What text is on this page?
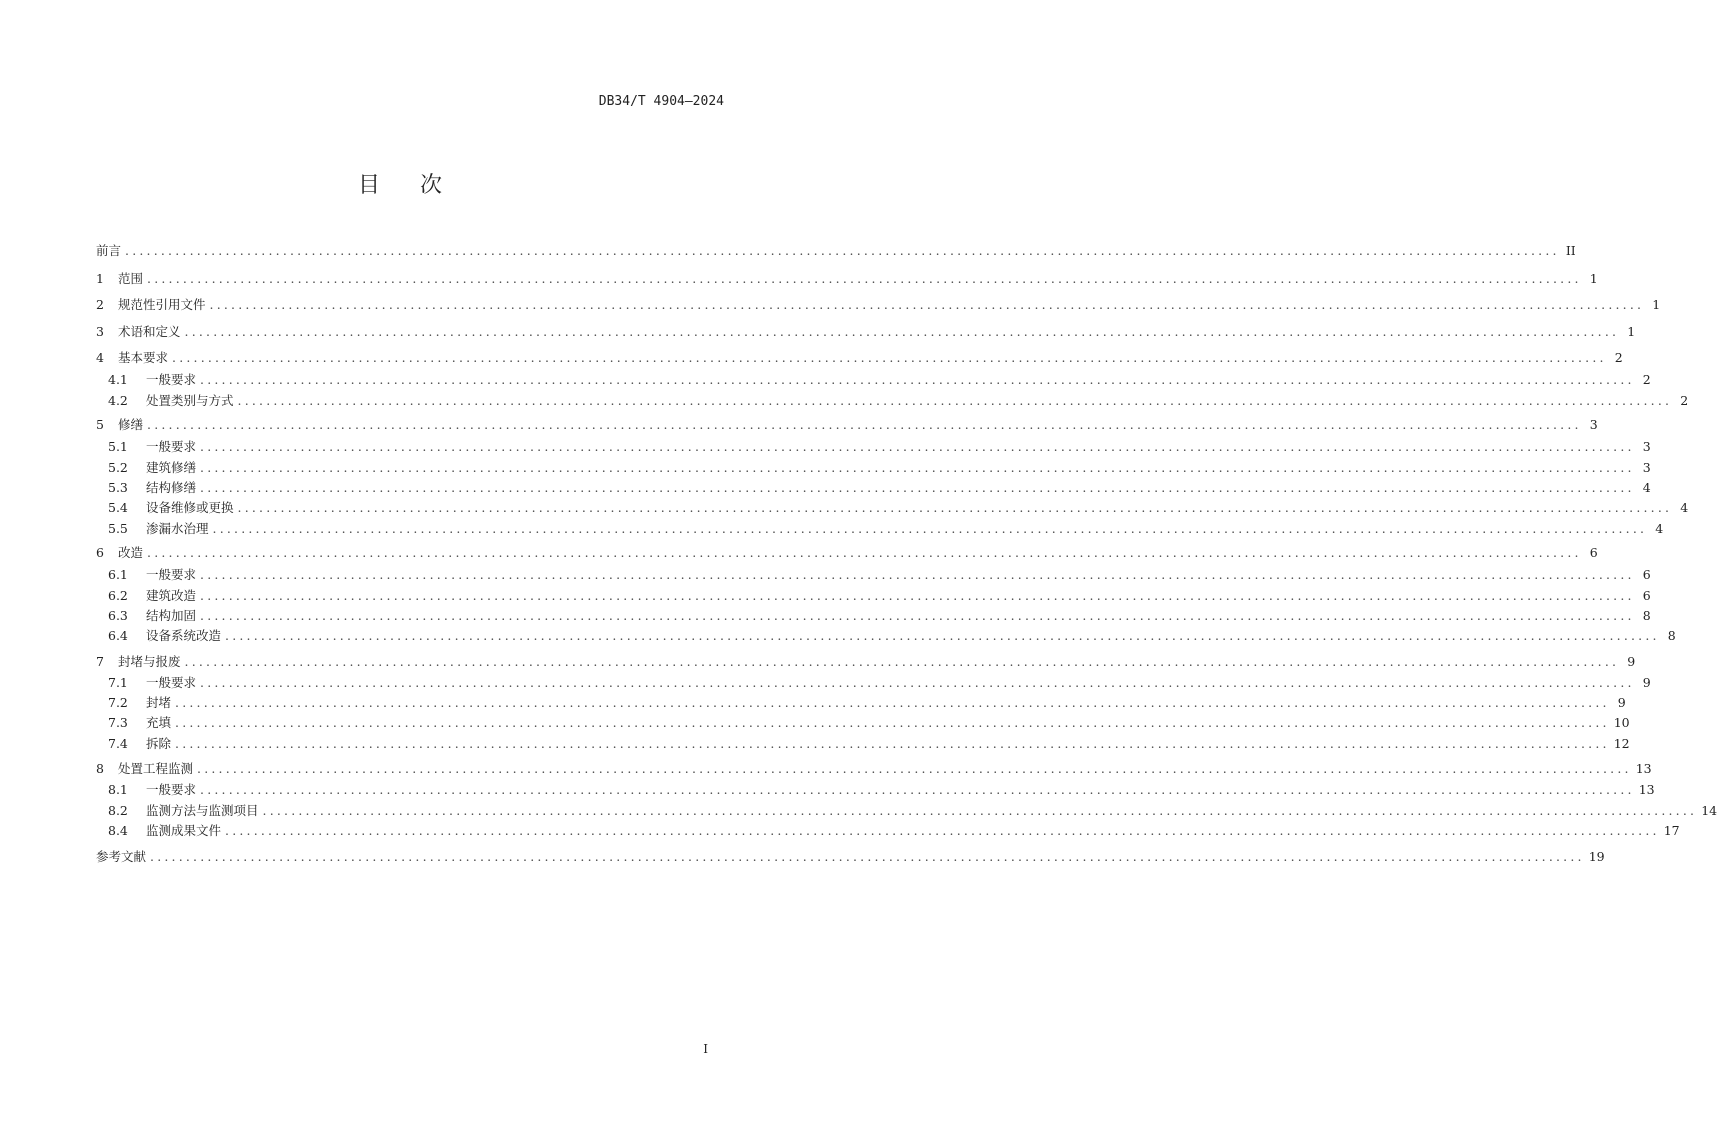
DB34/T 4904—2024
目次
前言 ........................................................................................................................................................................................................ II
1	范围 ........................................................................................................................................................................................................ 1
2	规范性引用文件 ........................................................................................................................................................................................................ 1
3	术语和定义 ........................................................................................................................................................................................................ 1
4	基本要求 ........................................................................................................................................................................................................ 2
4.1	一般要求 ........................................................................................................................................................................................................ 2
4.2	处置类别与方式 ........................................................................................................................................................................................................ 2
5	修缮 ........................................................................................................................................................................................................ 3
5.1	一般要求 ........................................................................................................................................................................................................ 3
5.2	建筑修缮 ........................................................................................................................................................................................................ 3
5.3	结构修缮 ........................................................................................................................................................................................................ 4
5.4	设备维修或更换 ........................................................................................................................................................................................................ 4
5.5	渗漏水治理 ........................................................................................................................................................................................................ 4
6	改造 ........................................................................................................................................................................................................ 6
6.1	一般要求 ........................................................................................................................................................................................................ 6
6.2	建筑改造 ........................................................................................................................................................................................................ 6
6.3	结构加固 ........................................................................................................................................................................................................ 8
6.4	设备系统改造 ........................................................................................................................................................................................................ 8
7	封堵与报废 ........................................................................................................................................................................................................ 9
7.1	一般要求 ........................................................................................................................................................................................................ 9
7.2	封堵 ........................................................................................................................................................................................................ 9
7.3	充填 ........................................................................................................................................................................................................ 10
7.4	拆除 ........................................................................................................................................................................................................ 12
8	处置工程监测 ........................................................................................................................................................................................................ 13
8.1	一般要求 ........................................................................................................................................................................................................ 13
8.2	监测方法与监测项目 ........................................................................................................................................................................................................ 14
8.4	监测成果文件 ........................................................................................................................................................................................................ 17
参考文献 ........................................................................................................................................................................................................ 19
I
